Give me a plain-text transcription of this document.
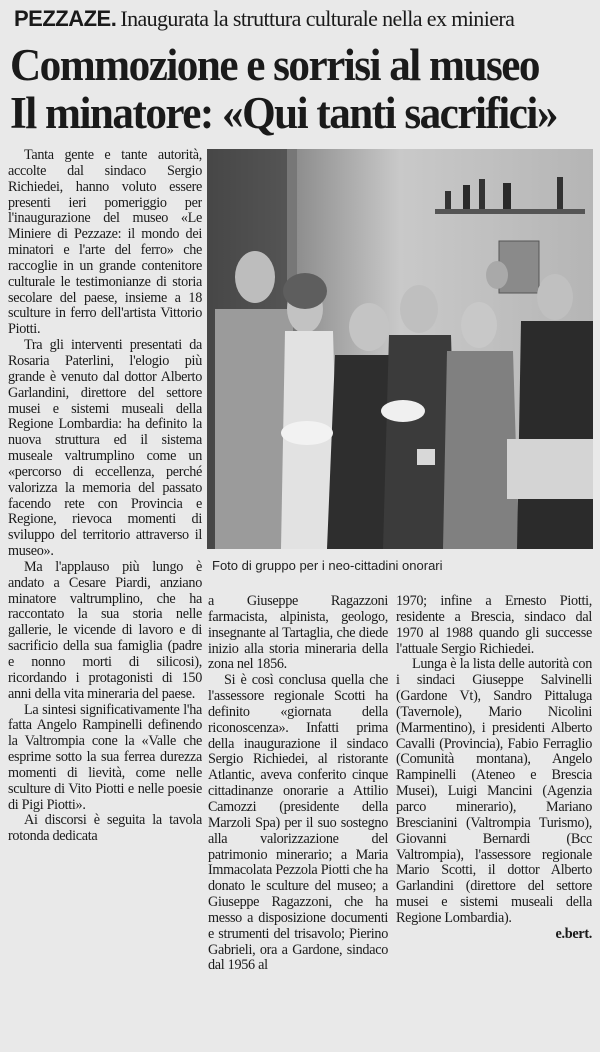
PEZZAZE. Inaugurata la struttura culturale nella ex miniera
Commozione e sorrisi al museo
Il minatore: «Qui tanti sacrifici»

Tanta gente e tante autorità, accolte dal sindaco Sergio Richiedei, hanno voluto essere presenti ieri pomeriggio per l'inaugurazione del museo «Le Miniere di Pezzaze: il mondo dei minatori e l'arte del ferro» che raccoglie in un grande contenitore culturale le testimonianze di storia secolare del paese, insieme a 18 sculture in ferro dell'artista Vittorio Piotti.

Tra gli interventi presentati da Rosaria Paterlini, l'elogio più grande è venuto dal dottor Alberto Garlandini, direttore del settore musei e sistemi museali della Regione Lombardia: ha definito la nuova struttura ed il sistema museale valtrumplino come un «percorso di eccellenza, perché valorizza la memoria del passato facendo rete con Provincia e Regione, rievoca momenti di sviluppo del territorio attraverso il museo».

Ma l'applauso più lungo è andato a Cesare Piardi, anziano minatore valtrumplino, che ha raccontato la sua storia nelle gallerie, le vicende di lavoro e di sacrificio della sua famiglia (padre e nonno morti di silicosi), ricordando i protagonisti di 150 anni della vita mineraria del paese.

La sintesi significativamente l'ha fatta Angelo Rampinelli definendo la Valtrompia cone la «Valle che esprime sotto la sua ferrea durezza momenti di lievità, come nelle sculture di Vito Piotti e nelle poesie di Pigi Piotti».

Ai discorsi è seguita la tavola rotonda dedicata

Foto di gruppo per i neo-cittadini onorari

a Giuseppe Ragazzoni farmacista, alpinista, geologo, insegnante al Tartaglia, che diede inizio alla storia mineraria della zona nel 1856.

Si è così conclusa quella che l'assessore regionale Scotti ha definito «giornata della riconoscenza». Infatti prima della inaugurazione il sindaco Sergio Richiedei, al ristorante Atlantic, aveva conferito cinque cittadinanze onorarie a Attilio Camozzi (presidente della Marzoli Spa) per il suo sostegno alla valorizzazione del patrimonio minerario; a Maria Immacolata Pezzola Piotti che ha donato le sculture del museo; a Giuseppe Ragazzoni, che ha messo a disposizione documenti e strumenti del trisavolo; Pierino Gabrieli, ora a Gardone, sindaco dal 1956 al

1970; infine a Ernesto Piotti, residente a Brescia, sindaco dal 1970 al 1988 quando gli successe l'attuale Sergio Richiedei.

Lunga è la lista delle autorità con i sindaci Giuseppe Salvinelli (Gardone Vt), Sandro Pittaluga (Tavernole), Mario Nicolini (Marmentino), i presidenti Alberto Cavalli (Provincia), Fabio Ferraglio (Comunità montana), Angelo Rampinelli (Ateneo e Brescia Musei), Luigi Mancini (Agenzia parco minerario), Mariano Brescianini (Valtrompia Turismo), Giovanni Bernardi (Bcc Valtrompia), l'assessore regionale Mario Scotti, il dottor Alberto Garlandini (direttore del settore musei e sistemi museali della Regione Lombardia).

e.bert.
